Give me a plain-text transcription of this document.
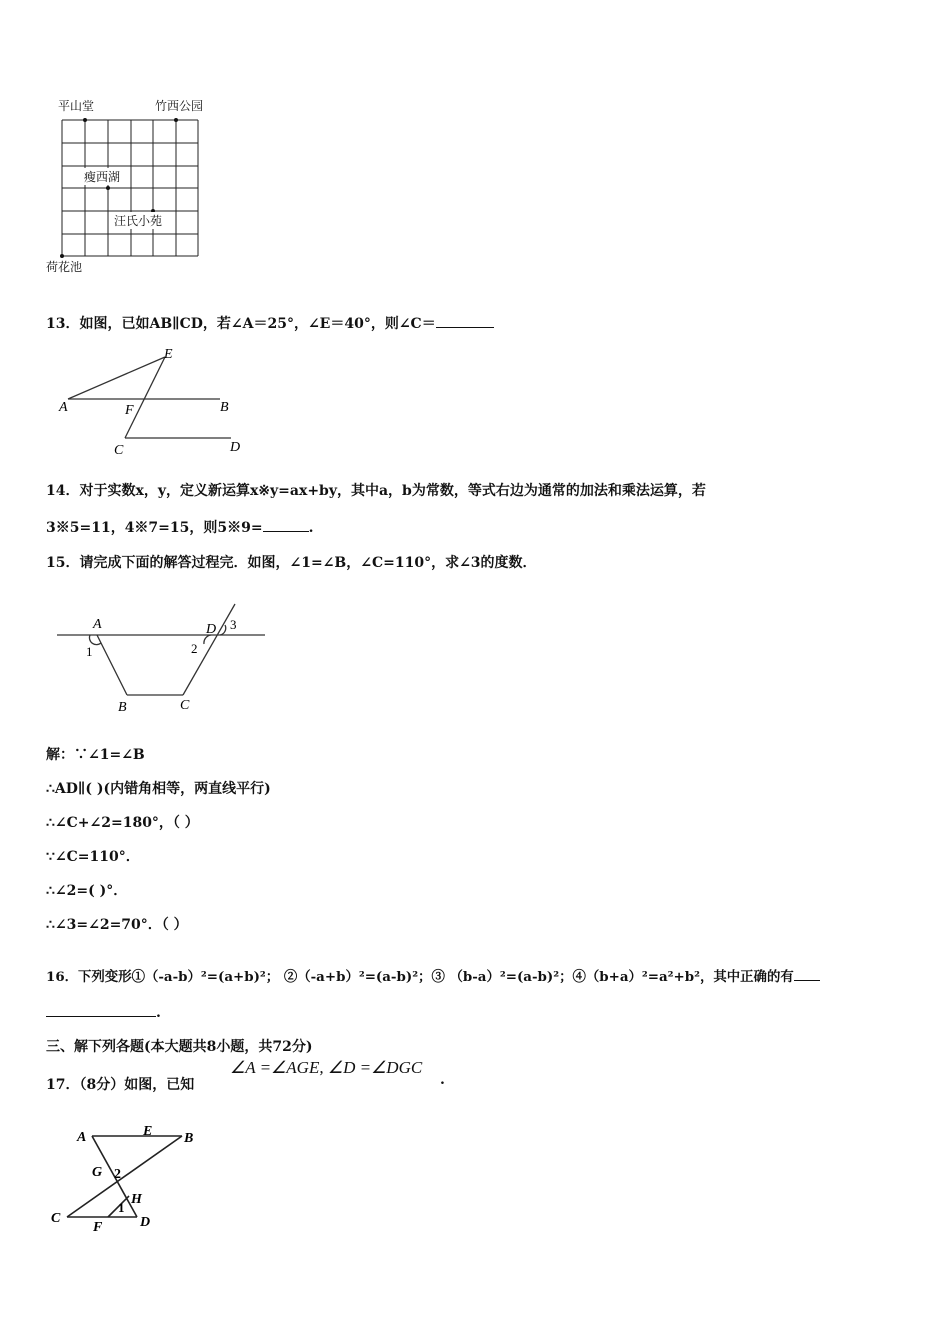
平山堂	竹西公园
瘦西湖
汪氏小苑
荷花池
13．如图，已如AB∥CD，若∠A＝25°，∠E＝40°，则∠C＝
E
A	F	B
C	D
14．对于实数x，y，定义新运算x※y=ax+by，其中a，b为常数，等式右边为通常的加法和乘法运算，若
3※5=11，4※7=15，则5※9=	.
15．请完成下面的解答过程完．如图，∠1=∠B，∠C=110°，求∠3的度数．
A	D
1	2
3
B	C
解：∵∠1=∠B
∴AD∥( )(内错角相等，两直线平行)
∴∠C+∠2=180°，（ ）
∵∠C=110°．
∴∠2=( )°．
∴∠3=∠2=70°．（ ）
16．下列变形①（-a-b）²=(a+b)²； ②（-a+b）²=(a-b)²；③ （b-a）²=(a-b)²；④（b+a）²=a²+b²，其中正确的有
.
三、解下列各题(本大题共8小题，共72分)
17．（8分）如图，已知
∠A =∠AGE, ∠D =∠DGC
.
A	E B
G 2
H
1
C
F	D
